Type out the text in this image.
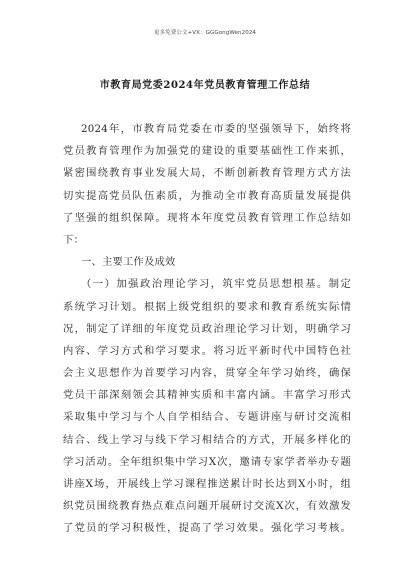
更多免费公文+VX：GGGongWen2024
市教育局党委2024年党员教育管理工作总结
2024年，市教育局党委在市委的坚强领导下，始终将
党员教育管理作为加强党的建设的重要基础性工作来抓，
紧密围绕教育事业发展大局，不断创新教育管理方式方法
切实提高党员队伍素质，为推动全市教育高质量发展提供
了坚强的组织保障。现将本年度党员教育管理工作总结如
下：
一、主要工作及成效
（一）加强政治理论学习，筑牢党员思想根基。制定
系统学习计划。根据上级党组织的要求和教育系统实际情
况，制定了详细的年度党员政治理论学习计划，明确学习
内容、学习方式和学习要求。将习近平新时代中国特色社
会主义思想作为首要学习内容，贯穿全年学习始终，确保
党员干部深刻领会其精神实质和丰富内涵。丰富学习形式
采取集中学习与个人自学相结合、专题讲座与研讨交流相
结合、线上学习与线下学习相结合的方式，开展多样化的
学习活动。全年组织集中学习X次，邀请专家学者举办专题
讲座X场，开展线上学习课程推送累计时长达到X小时，组
织党员围绕教育热点难点问题开展研讨交流X次，有效激发
了党员的学习积极性，提高了学习效果。强化学习考核。
